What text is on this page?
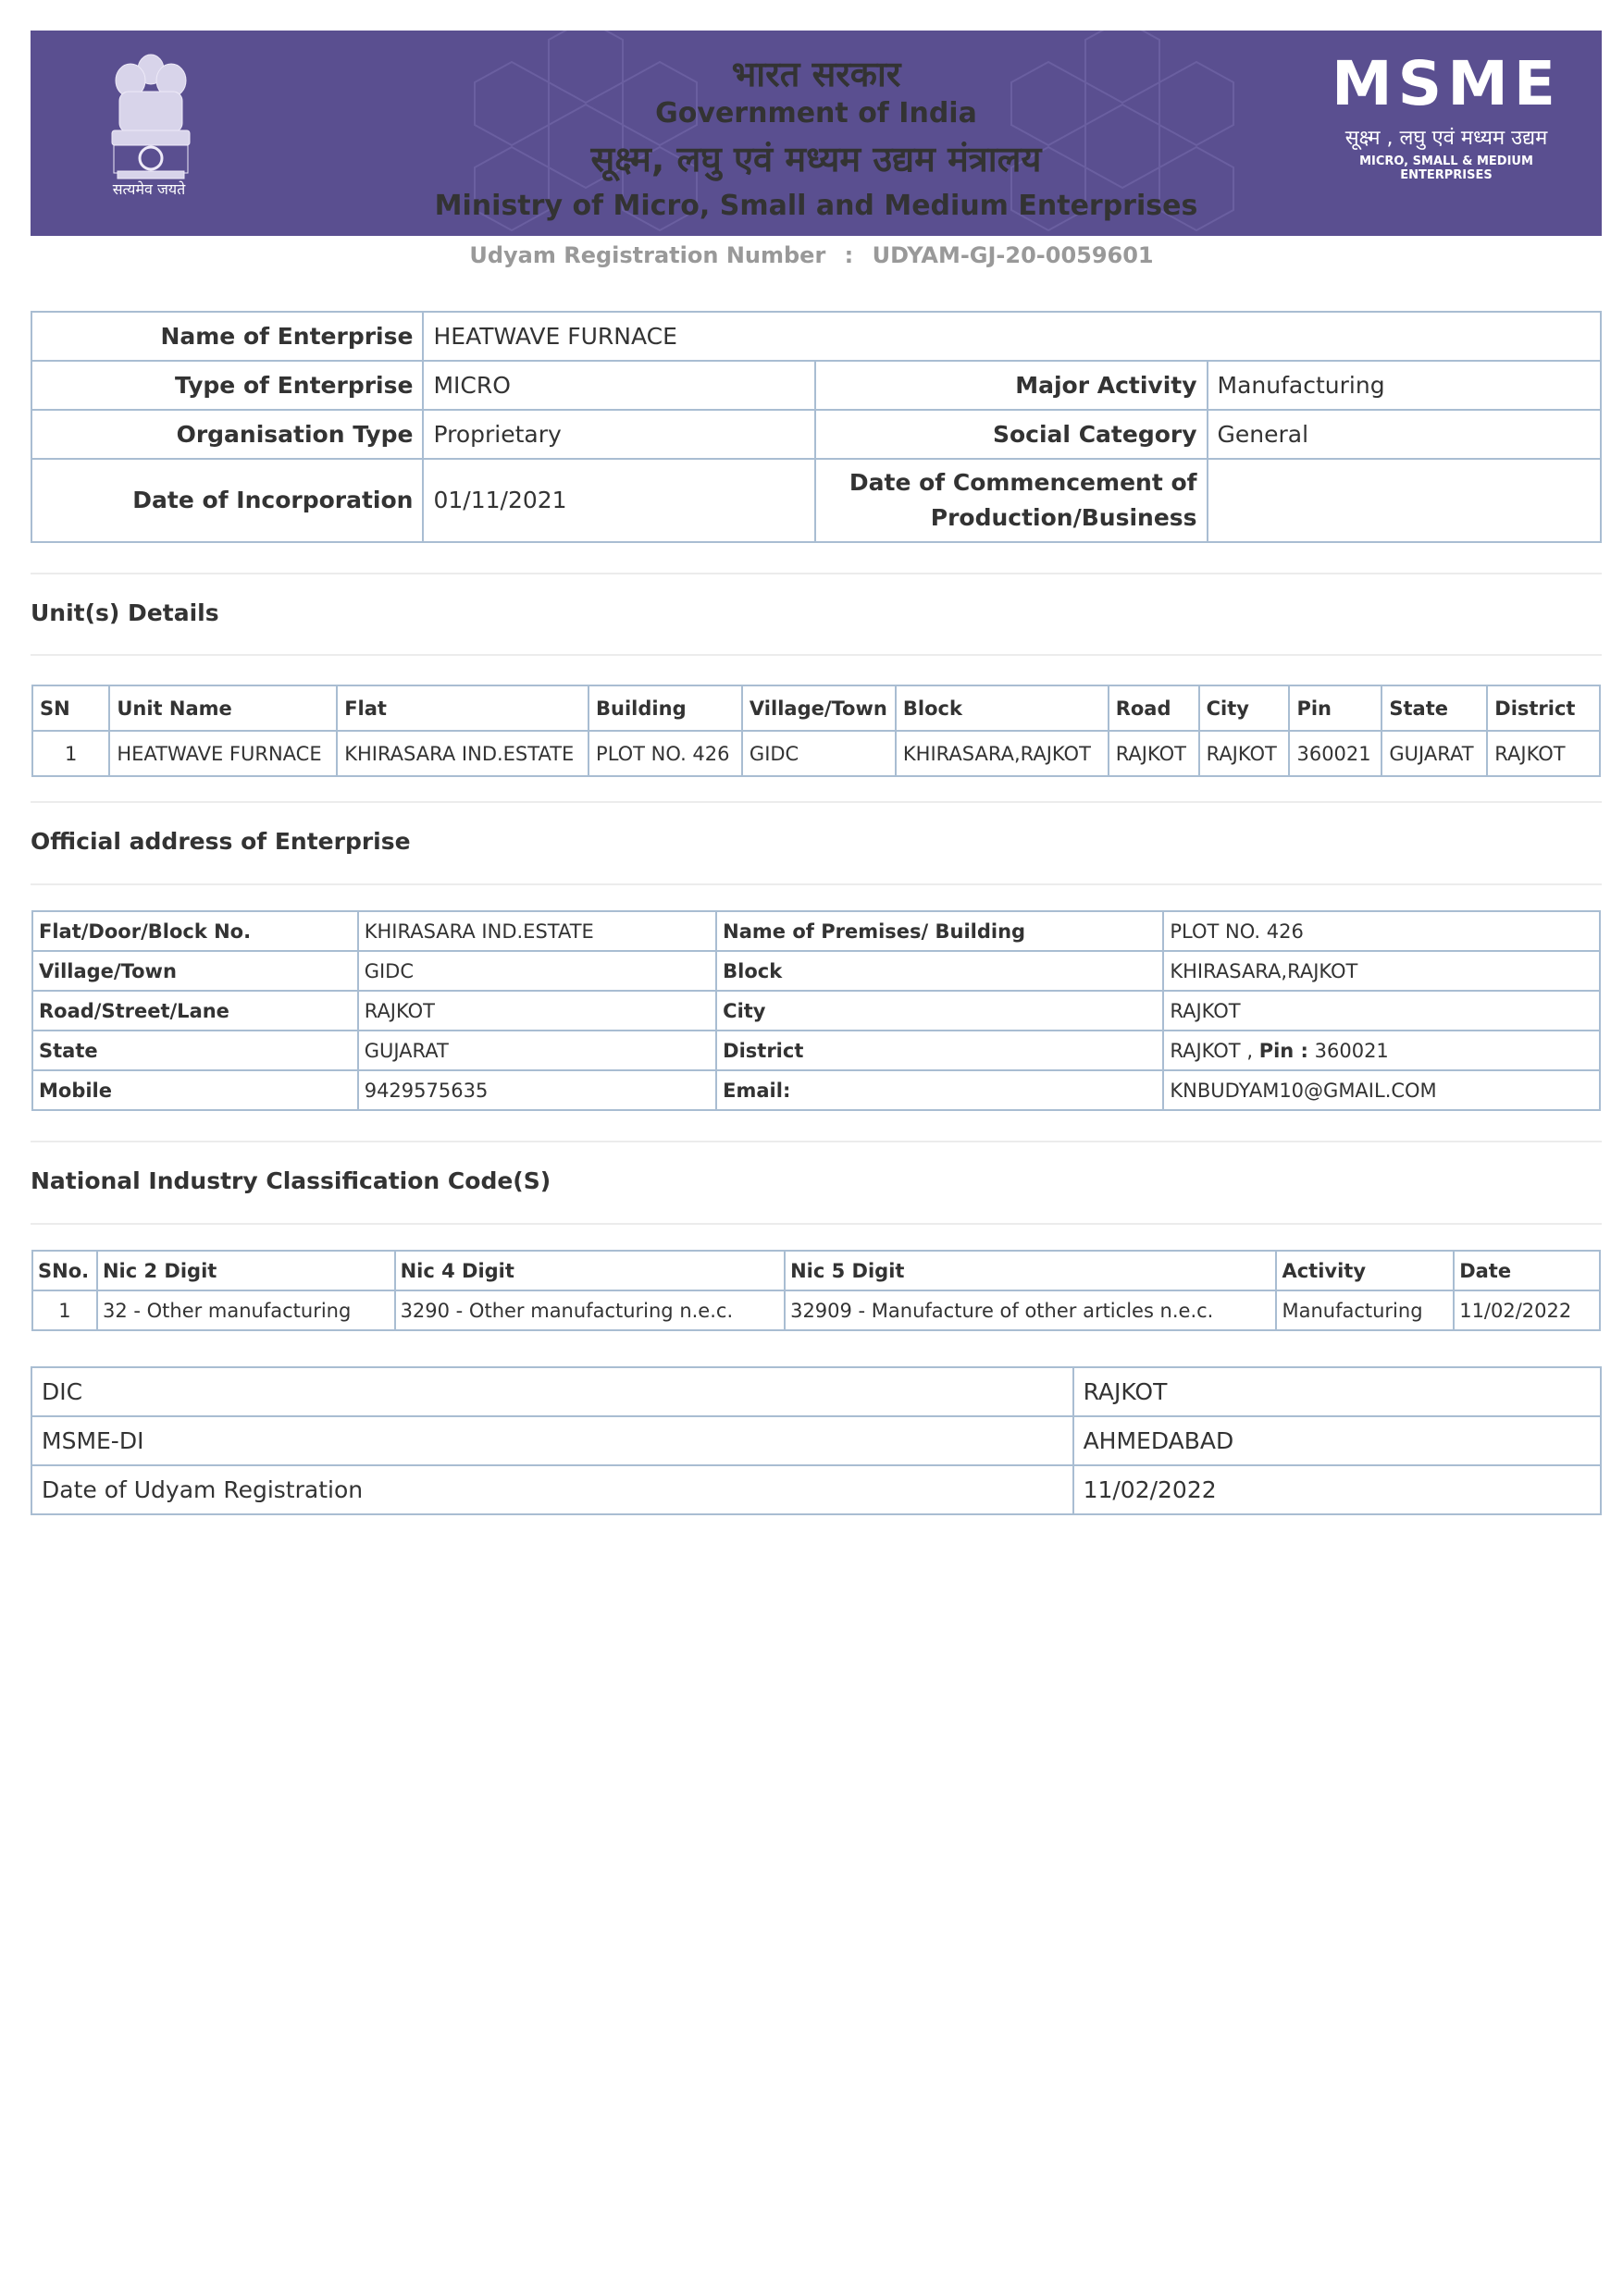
सत्यमेव जयते
भारत सरकार
Government of India
सूक्ष्म, लघु एवं मध्यम उद्यम मंत्रालय
Ministry of Micro, Small and Medium Enterprises
MSME
सूक्ष्म , लघु एवं मध्यम उद्यम
MICRO, SMALL & MEDIUM ENTERPRISES
Udyam Registration Number : UDYAM-GJ-20-0059601
Name of Enterprise	HEATWAVE FURNACE		
Type of Enterprise	MICRO	Major Activity	Manufacturing
Organisation Type	Proprietary	Social Category	General
Date of Incorporation	01/11/2021	Date of Commencement of
Production/Business	
Unit(s) Details
SN	Unit Name	Flat	Building	Village/Town	Block	Road	City	Pin	State	District
1	HEATWAVE FURNACE	KHIRASARA IND.ESTATE	PLOT NO. 426	GIDC	KHIRASARA,RAJKOT	RAJKOT	RAJKOT	360021	GUJARAT	RAJKOT
Official address of Enterprise
Flat/Door/Block No.	KHIRASARA IND.ESTATE	Name of Premises/ Building	PLOT NO. 426
Village/Town	GIDC	Block	KHIRASARA,RAJKOT
Road/Street/Lane	RAJKOT	City	RAJKOT
State	GUJARAT	District	RAJKOT , Pin : 360021
Mobile	9429575635	Email:	KNBUDYAM10@GMAIL.COM
National Industry Classification Code(S)
SNo.	Nic 2 Digit	Nic 4 Digit	Nic 5 Digit	Activity	Date
1	32 - Other manufacturing	3290 - Other manufacturing n.e.c.	32909 - Manufacture of other articles n.e.c.	Manufacturing	11/02/2022
DIC	RAJKOT
MSME-DI	AHMEDABAD
Date of Udyam Registration	11/02/2022
